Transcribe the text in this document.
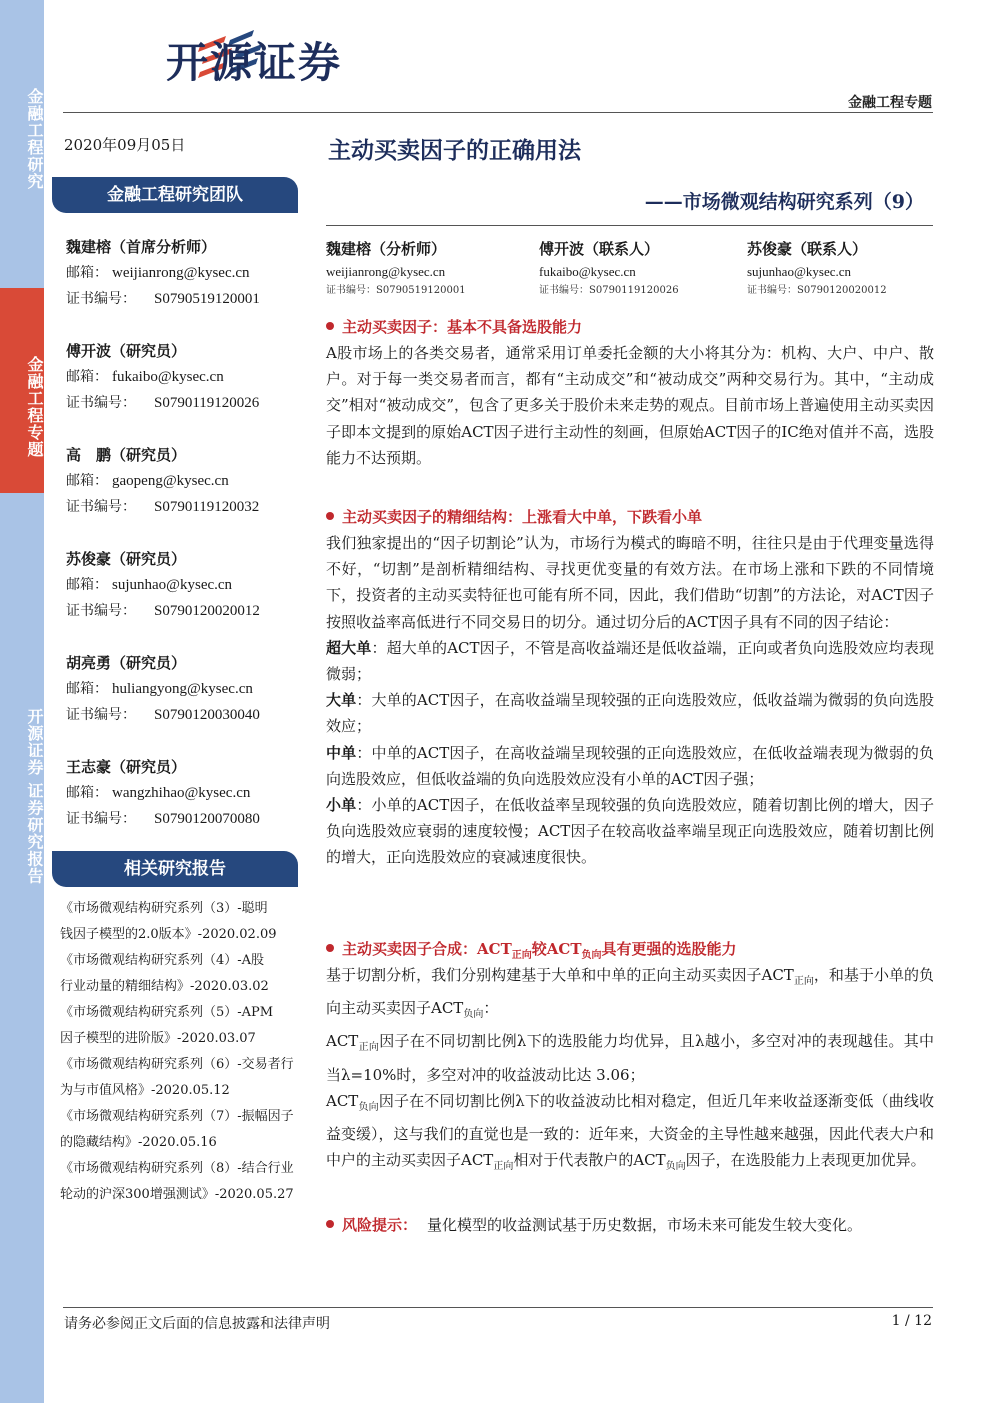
金融工程研究
金融工程专题
开源证券 证券研究报告
开源证券
金融工程专题
2020年09月05日
金融工程研究团队
魏建榕（首席分析师）
邮箱： weijianrong@kysec.cn
证书编号： S0790519120001
傅开波（研究员）
邮箱： fukaibo@kysec.cn
证书编号： S0790119120026
高　鹏（研究员）
邮箱： gaopeng@kysec.cn
证书编号： S0790119120032
苏俊豪（研究员）
邮箱： sujunhao@kysec.cn
证书编号： S0790120020012
胡亮勇（研究员）
邮箱： huliangyong@kysec.cn
证书编号： S0790120030040
王志豪（研究员）
邮箱： wangzhihao@kysec.cn
证书编号： S0790120070080
相关研究报告
《市场微观结构研究系列（3）-聪明
钱因子模型的2.0版本》-2020.02.09
《市场微观结构研究系列（4）-A股
行业动量的精细结构》-2020.03.02
《市场微观结构研究系列（5）-APM
因子模型的进阶版》-2020.03.07
《市场微观结构研究系列（6）-交易者行
为与市值风格》-2020.05.12
《市场微观结构研究系列（7）-振幅因子
的隐藏结构》-2020.05.16
《市场微观结构研究系列（8）-结合行业
轮动的沪深300增强测试》-2020.05.27
主动买卖因子的正确用法
——市场微观结构研究系列（9）
魏建榕（分析师）
weijianrong@kysec.cn
证书编号：S0790519120001
傅开波（联系人）
fukaibo@kysec.cn
证书编号：S0790119120026
苏俊豪（联系人）
sujunhao@kysec.cn
证书编号：S0790120020012
主动买卖因子：基本不具备选股能力
A股市场上的各类交易者，通常采用订单委托金额的大小将其分为：机构、大户、中户、散户。对于每一类交易者而言，都有“主动成交”和“被动成交”两种交易行为。其中，“主动成交”相对“被动成交”，包含了更多关于股价未来走势的观点。目前市场上普遍使用主动买卖因子即本文提到的原始ACT因子进行主动性的刻画，但原始ACT因子的IC绝对值并不高，选股能力不达预期。
主动买卖因子的精细结构：上涨看大中单，下跌看小单
我们独家提出的“因子切割论”认为，市场行为模式的晦暗不明，往往只是由于代理变量选得不好，“切割”是剖析精细结构、寻找更优变量的有效方法。在市场上涨和下跌的不同情境下，投资者的主动买卖特征也可能有所不同，因此，我们借助“切割”的方法论，对ACT因子按照收益率高低进行不同交易日的切分。通过切分后的ACT因子具有不同的因子结论：
超大单：超大单的ACT因子，不管是高收益端还是低收益端，正向或者负向选股效应均表现微弱；
大单：大单的ACT因子，在高收益端呈现较强的正向选股效应，低收益端为微弱的负向选股效应；
中单：中单的ACT因子，在高收益端呈现较强的正向选股效应，在低收益端表现为微弱的负向选股效应，但低收益端的负向选股效应没有小单的ACT因子强；
小单：小单的ACT因子，在低收益率呈现较强的负向选股效应，随着切割比例的增大，因子负向选股效应衰弱的速度较慢；ACT因子在较高收益率端呈现正向选股效应，随着切割比例的增大，正向选股效应的衰减速度很快。
主动买卖因子合成：$ACT_{正向}$较$ACT_{负向}$具有更强的选股能力
基于切割分析，我们分别构建基于大单和中单的正向主动买卖因子$ACT_{正向}$，和基于小单的负向主动买卖因子$ACT_{负向}$：
$ACT_{正向}$因子在不同切割比例λ下的选股能力均优异，且λ越小，多空对冲的表现越佳。其中当λ=10%时，多空对冲的收益波动比达 3.06；
$ACT_{负向}$因子在不同切割比例λ下的收益波动比相对稳定，但近几年来收益逐渐变低（曲线收益变缓），这与我们的直觉也是一致的：近年来，大资金的主导性越来越强，因此代表大户和中户的主动买卖因子$ACT_{正向}$相对于代表散户的$ACT_{负向}$因子，在选股能力上表现更加优异。
风险提示： 量化模型的收益测试基于历史数据，市场未来可能发生较大变化。
请务必参阅正文后面的信息披露和法律声明	1 / 12
